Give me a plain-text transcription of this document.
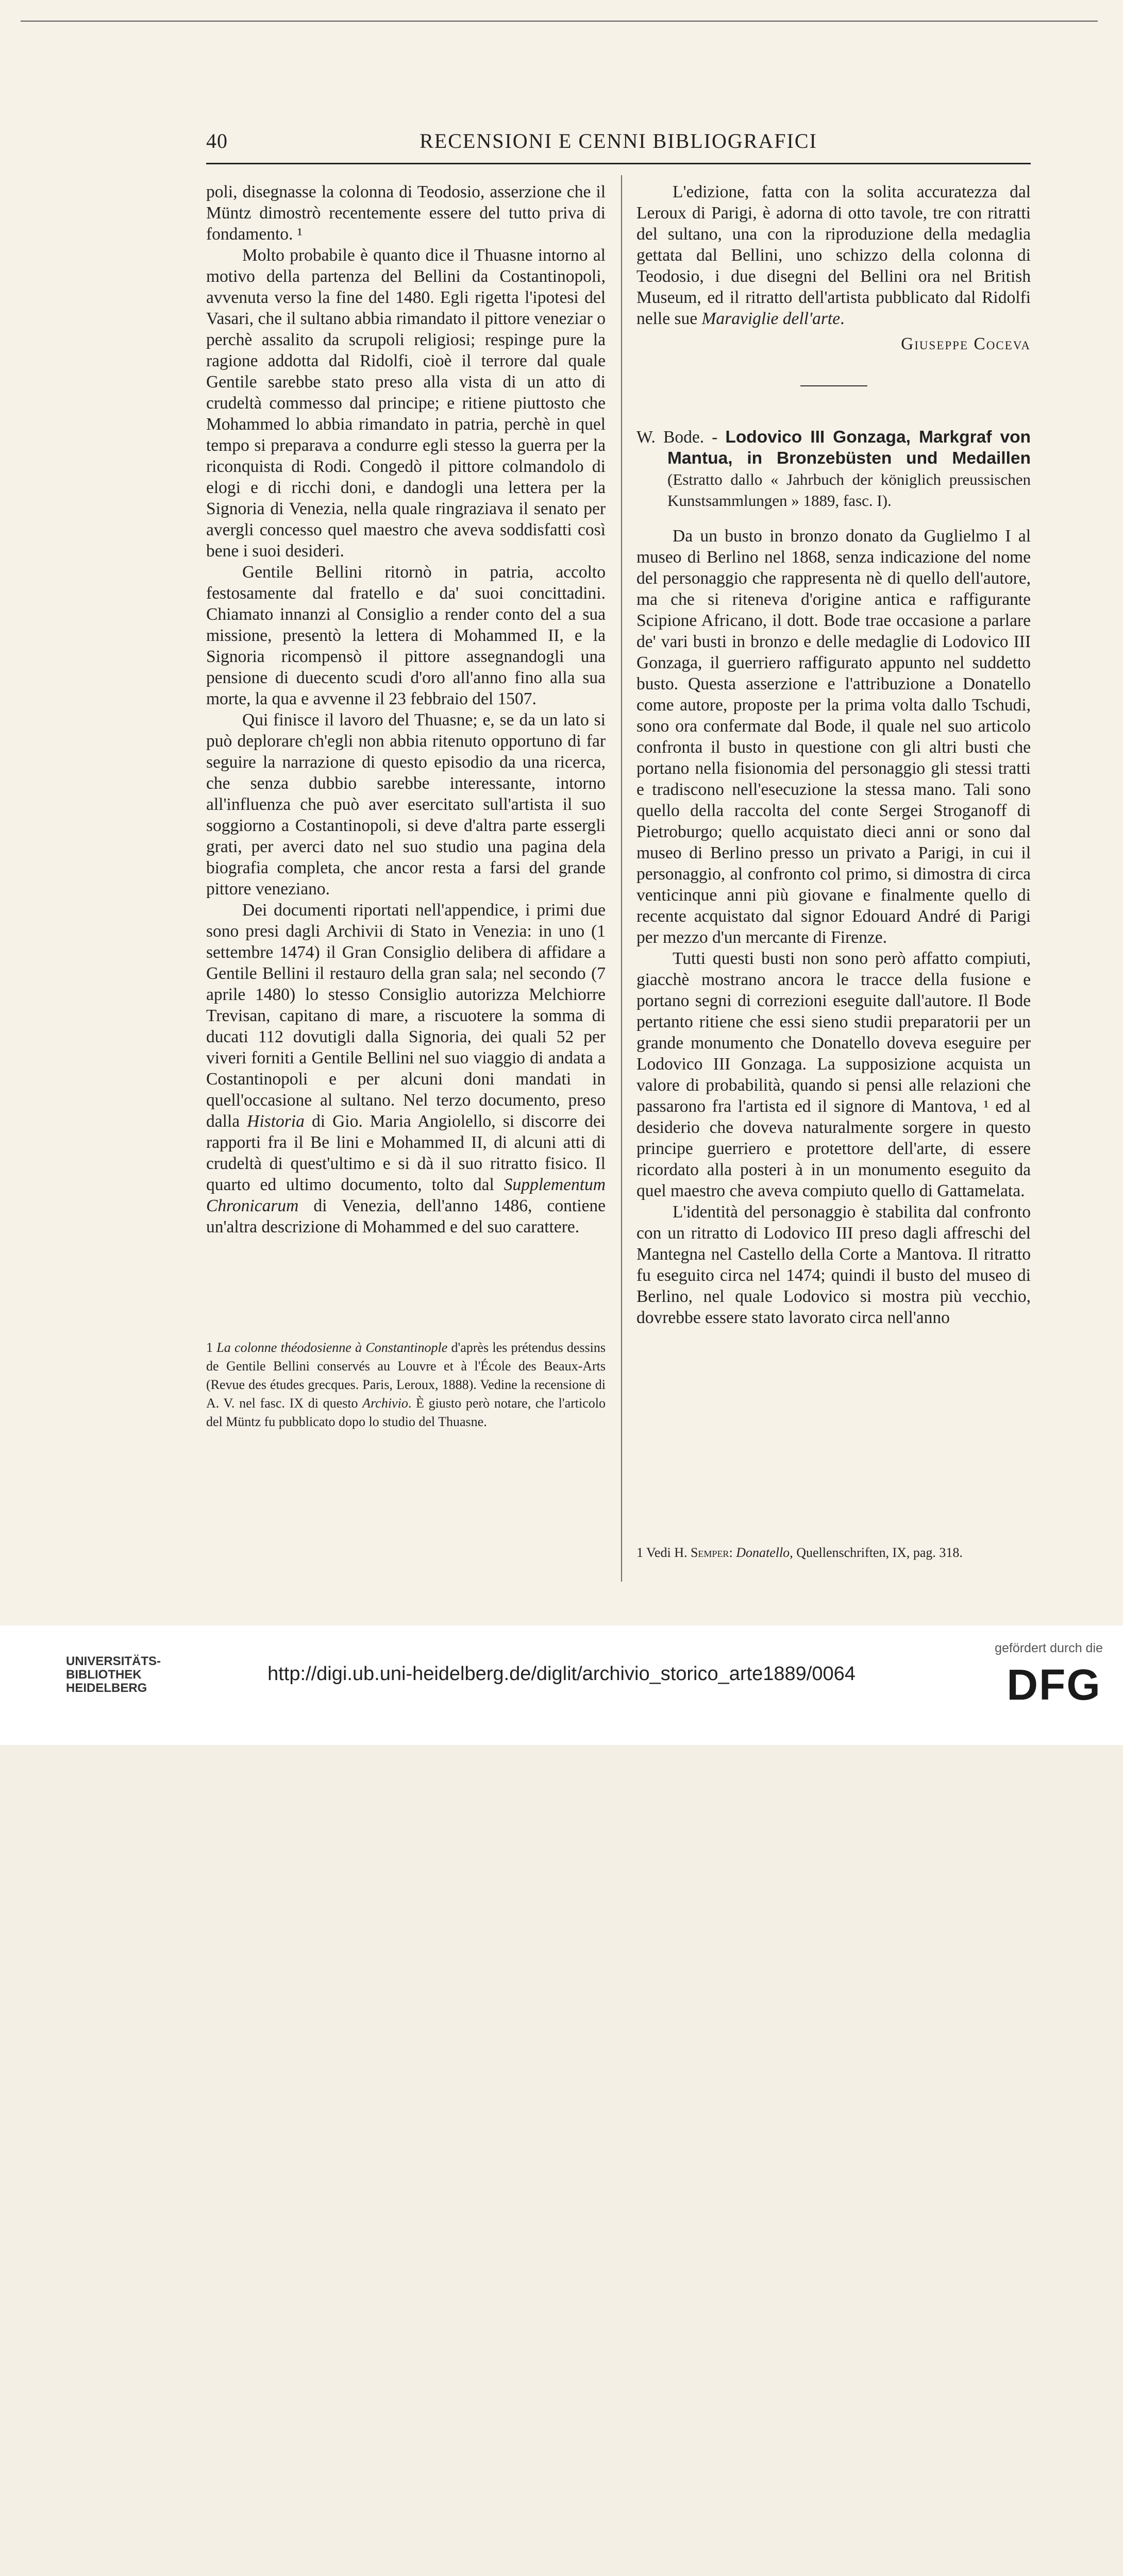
40	RECENSIONI E CENNI BIBLIOGRAFICI

poli, disegnasse la colonna di Teodosio, asserzione che il Müntz dimostrò recentemente essere del tutto priva di fondamento. ¹

Molto probabile è quanto dice il Thuasne intorno al motivo della partenza del Bellini da Costantinopoli, avvenuta verso la fine del 1480. Egli rigetta l'ipotesi del Vasari, che il sultano abbia rimandato il pittore veneziar o perchè assalito da scrupoli religiosi; respinge pure la ragione addotta dal Ridolfi, cioè il terrore dal quale Gentile sarebbe stato preso alla vista di un atto di crudeltà commesso dal principe; e ritiene piuttosto che Mohammed lo abbia rimandato in patria, perchè in quel tempo si preparava a condurre egli stesso la guerra per la riconquista di Rodi. Congedò il pittore colmandolo di elogi e di ricchi doni, e dandogli una lettera per la Signoria di Venezia, nella quale ringraziava il senato per avergli concesso quel maestro che aveva soddisfatti così bene i suoi desideri.

Gentile Bellini ritornò in patria, accolto festosamente dal fratello e da' suoi concittadini. Chiamato innanzi al Consiglio a render conto del a sua missione, presentò la lettera di Mohammed II, e la Signoria ricompensò il pittore assegnandogli una pensione di duecento scudi d'oro all'anno fino alla sua morte, la qua e avvenne il 23 febbraio del 1507.

Qui finisce il lavoro del Thuasne; e, se da un lato si può deplorare ch'egli non abbia ritenuto opportuno di far seguire la narrazione di questo episodio da una ricerca, che senza dubbio sarebbe interessante, intorno all'influenza che può aver esercitato sull'artista il suo soggiorno a Costantinopoli, si deve d'altra parte essergli grati, per averci dato nel suo studio una pagina dela biografia completa, che ancor resta a farsi del grande pittore veneziano.

Dei documenti riportati nell'appendice, i primi due sono presi dagli Archivii di Stato in Venezia: in uno (1 settembre 1474) il Gran Consiglio delibera di affidare a Gentile Bellini il restauro della gran sala; nel secondo (7 aprile 1480) lo stesso Consiglio autorizza Melchiorre Trevisan, capitano di mare, a riscuotere la somma di ducati 112 dovutigli dalla Signoria, dei quali 52 per viveri forniti a Gentile Bellini nel suo viaggio di andata a Costantinopoli e per alcuni doni mandati in quell'occasione al sultano. Nel terzo documento, preso dalla Historia di Gio. Maria Angiolello, si discorre dei rapporti fra il Be lini e Mohammed II, di alcuni atti di crudeltà di quest'ultimo e si dà il suo ritratto fisico. Il quarto ed ultimo documento, tolto dal Supplementum Chronicarum di Venezia, dell'anno 1486, contiene un'altra descrizione di Mohammed e del suo carattere.

1 La colonne théodosienne à Constantinople d'après les prétendus dessins de Gentile Bellini conservés au Louvre et à l'École des Beaux-Arts (Revue des études grecques. Paris, Leroux, 1888). Vedine la recensione di A. V. nel fasc. IX di questo Archivio. È giusto però notare, che l'articolo del Müntz fu pubblicato dopo lo studio del Thuasne.

L'edizione, fatta con la solita accuratezza dal Leroux di Parigi, è adorna di otto tavole, tre con ritratti del sultano, una con la riproduzione della medaglia gettata dal Bellini, uno schizzo della colonna di Teodosio, i due disegni del Bellini ora nel British Museum, ed il ritratto dell'artista pubblicato dal Ridolfi nelle sue Maraviglie dell'arte.

Giuseppe Coceva

W. Bode. - Lodovico III Gonzaga, Markgraf von Mantua, in Bronzebüsten und Medaillen (Estratto dallo « Jahrbuch der königlich preussischen Kunstsammlungen » 1889, fasc. I).

Da un busto in bronzo donato da Guglielmo I al museo di Berlino nel 1868, senza indicazione del nome del personaggio che rappresenta nè di quello dell'autore, ma che si riteneva d'origine antica e raffigurante Scipione Africano, il dott. Bode trae occasione a parlare de' vari busti in bronzo e delle medaglie di Lodovico III Gonzaga, il guerriero raffigurato appunto nel suddetto busto. Questa asserzione e l'attribuzione a Donatello come autore, proposte per la prima volta dallo Tschudi, sono ora confermate dal Bode, il quale nel suo articolo confronta il busto in questione con gli altri busti che portano nella fisionomia del personaggio gli stessi tratti e tradiscono nell'esecuzione la stessa mano. Tali sono quello della raccolta del conte Sergei Stroganoff di Pietroburgo; quello acquistato dieci anni or sono dal museo di Berlino presso un privato a Parigi, in cui il personaggio, al confronto col primo, si dimostra di circa venticinque anni più giovane e finalmente quello di recente acquistato dal signor Edouard André di Parigi per mezzo d'un mercante di Firenze.

Tutti questi busti non sono però affatto compiuti, giacchè mostrano ancora le tracce della fusione e portano segni di correzioni eseguite dall'autore. Il Bode pertanto ritiene che essi sieno studii preparatorii per un grande monumento che Donatello doveva eseguire per Lodovico III Gonzaga. La supposizione acquista un valore di probabilità, quando si pensi alle relazioni che passarono fra l'artista ed il signore di Mantova, ¹ ed al desiderio che doveva naturalmente sorgere in questo principe guerriero e protettore dell'arte, di essere ricordato alla posteri à in un monumento eseguito da quel maestro che aveva compiuto quello di Gattamelata.

L'identità del personaggio è stabilita dal confronto con un ritratto di Lodovico III preso dagli affreschi del Mantegna nel Castello della Corte a Mantova. Il ritratto fu eseguito circa nel 1474; quindi il busto del museo di Berlino, nel quale Lodovico si mostra più vecchio, dovrebbe essere stato lavorato circa nell'anno

1 Vedi H. Semper: Donatello, Quellenschriften, IX, pag. 318.
UNIVERSITÄTS-
BIBLIOTHEK
HEIDELBERG
http://digi.ub.uni-heidelberg.de/diglit/archivio_storico_arte1889/0064
gefördert durch die
DFG
